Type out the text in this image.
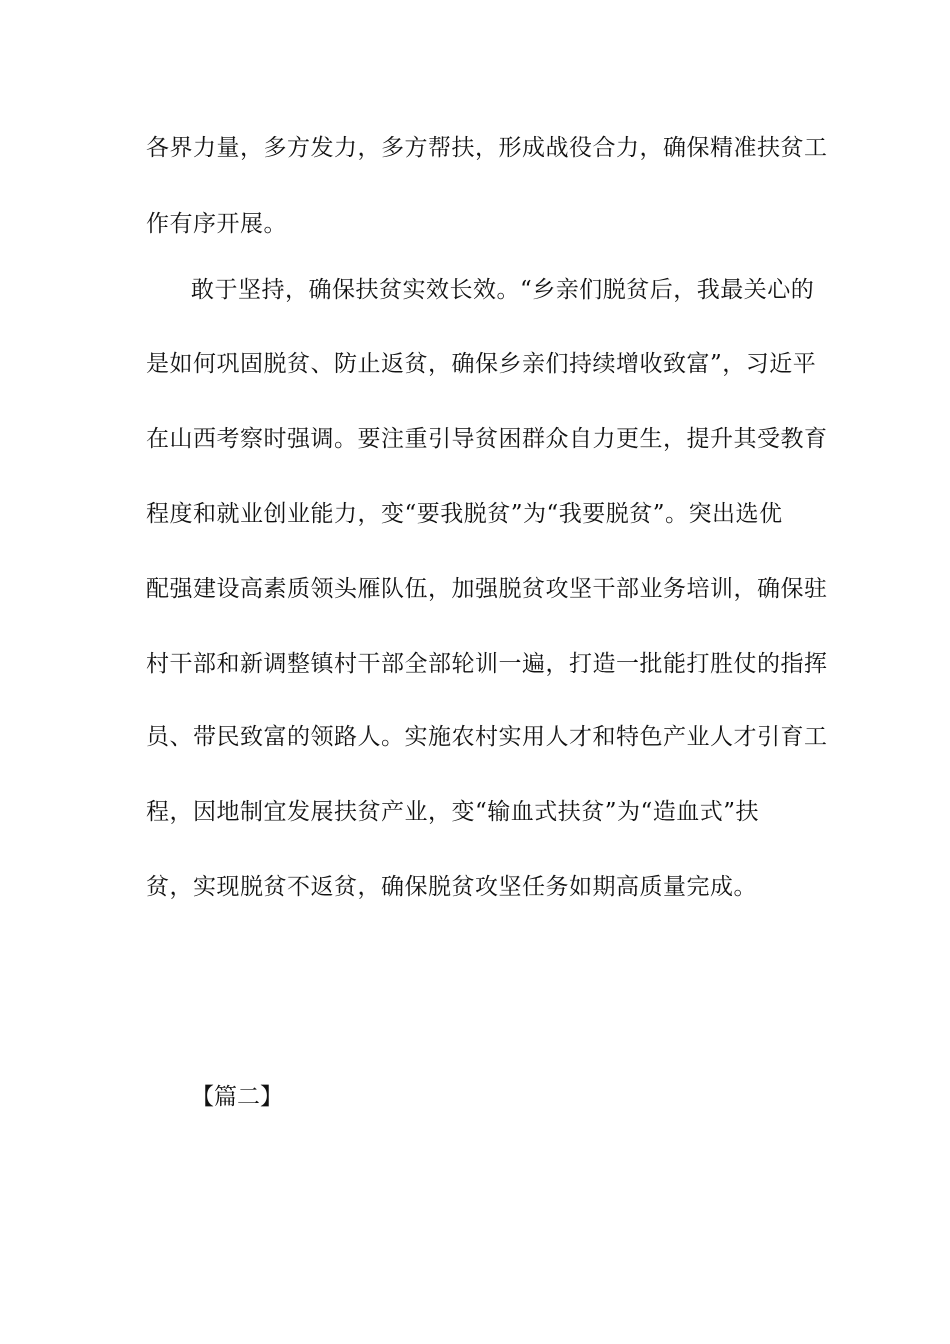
各界力量，多方发力，多方帮扶，形成战役合力，确保精准扶贫工

作有序开展。

敢于坚持，确保扶贫实效长效。“乡亲们脱贫后，我最关心的

是如何巩固脱贫、防止返贫，确保乡亲们持续增收致富”，习近平

在山西考察时强调。要注重引导贫困群众自力更生，提升其受教育

程度和就业创业能力，变“要我脱贫”为“我要脱贫”。突出选优

配强建设高素质领头雁队伍，加强脱贫攻坚干部业务培训，确保驻

村干部和新调整镇村干部全部轮训一遍，打造一批能打胜仗的指挥

员、带民致富的领路人。实施农村实用人才和特色产业人才引育工

程，因地制宜发展扶贫产业，变“输血式扶贫”为“造血式”扶

贫，实现脱贫不返贫，确保脱贫攻坚任务如期高质量完成。

【篇二】
